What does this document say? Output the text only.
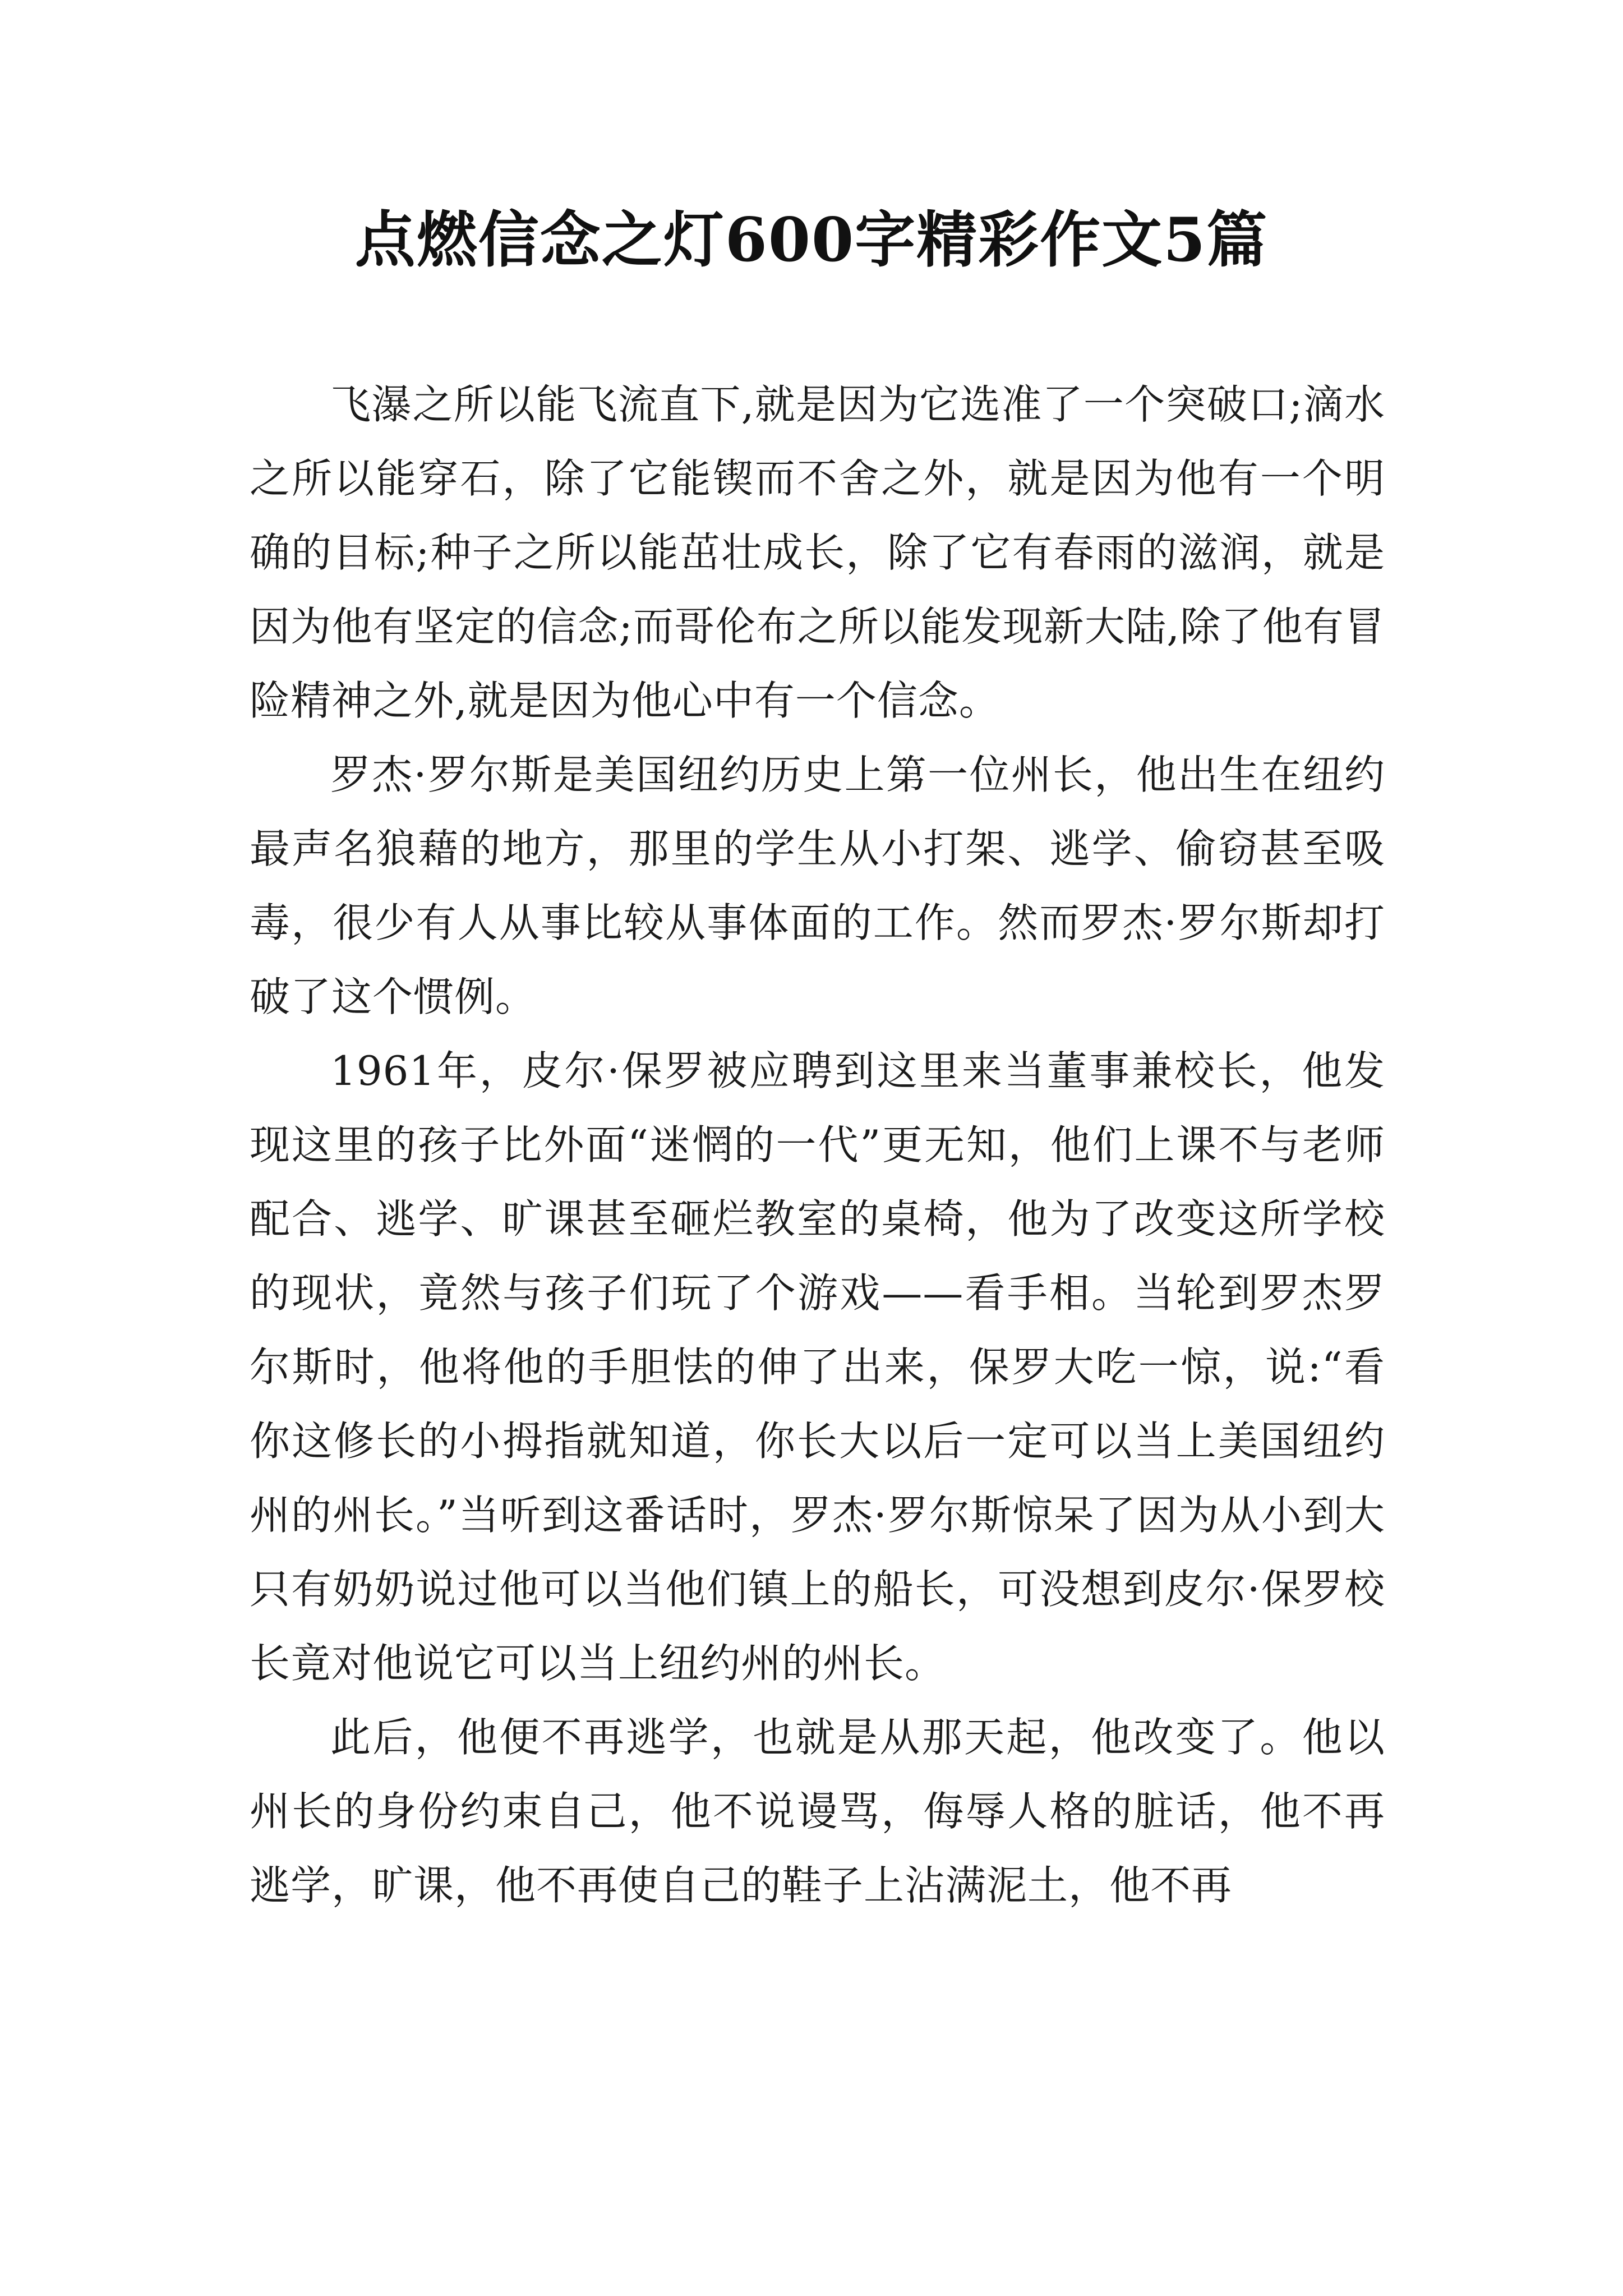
点燃信念之灯600字精彩作文5篇

飞瀑之所以能飞流直下,就是因为它选准了一个突破口;滴水之所以能穿石，除了它能锲而不舍之外，就是因为他有一个明确的目标;种子之所以能茁壮成长，除了它有春雨的滋润，就是因为他有坚定的信念;而哥伦布之所以能发现新大陆,除了他有冒险精神之外,就是因为他心中有一个信念。

罗杰·罗尔斯是美国纽约历史上第一位州长，他出生在纽约最声名狼藉的地方，那里的学生从小打架、逃学、偷窃甚至吸毒，很少有人从事比较从事体面的工作。然而罗杰·罗尔斯却打破了这个惯例。

1961年，皮尔·保罗被应聘到这里来当董事兼校长，他发现这里的孩子比外面“迷惘的一代”更无知，他们上课不与老师配合、逃学、旷课甚至砸烂教室的桌椅，他为了改变这所学校的现状，竟然与孩子们玩了个游戏——看手相。当轮到罗杰罗尔斯时，他将他的手胆怯的伸了出来，保罗大吃一惊，说:“看你这修长的小拇指就知道，你长大以后一定可以当上美国纽约州的州长。”当听到这番话时，罗杰·罗尔斯惊呆了因为从小到大只有奶奶说过他可以当他们镇上的船长，可没想到皮尔·保罗校长竟对他说它可以当上纽约州的州长。

此后，他便不再逃学，也就是从那天起，他改变了。他以州长的身份约束自己，他不说谩骂，侮辱人格的脏话，他不再逃学，旷课，他不再使自己的鞋子上沾满泥土，他不再
